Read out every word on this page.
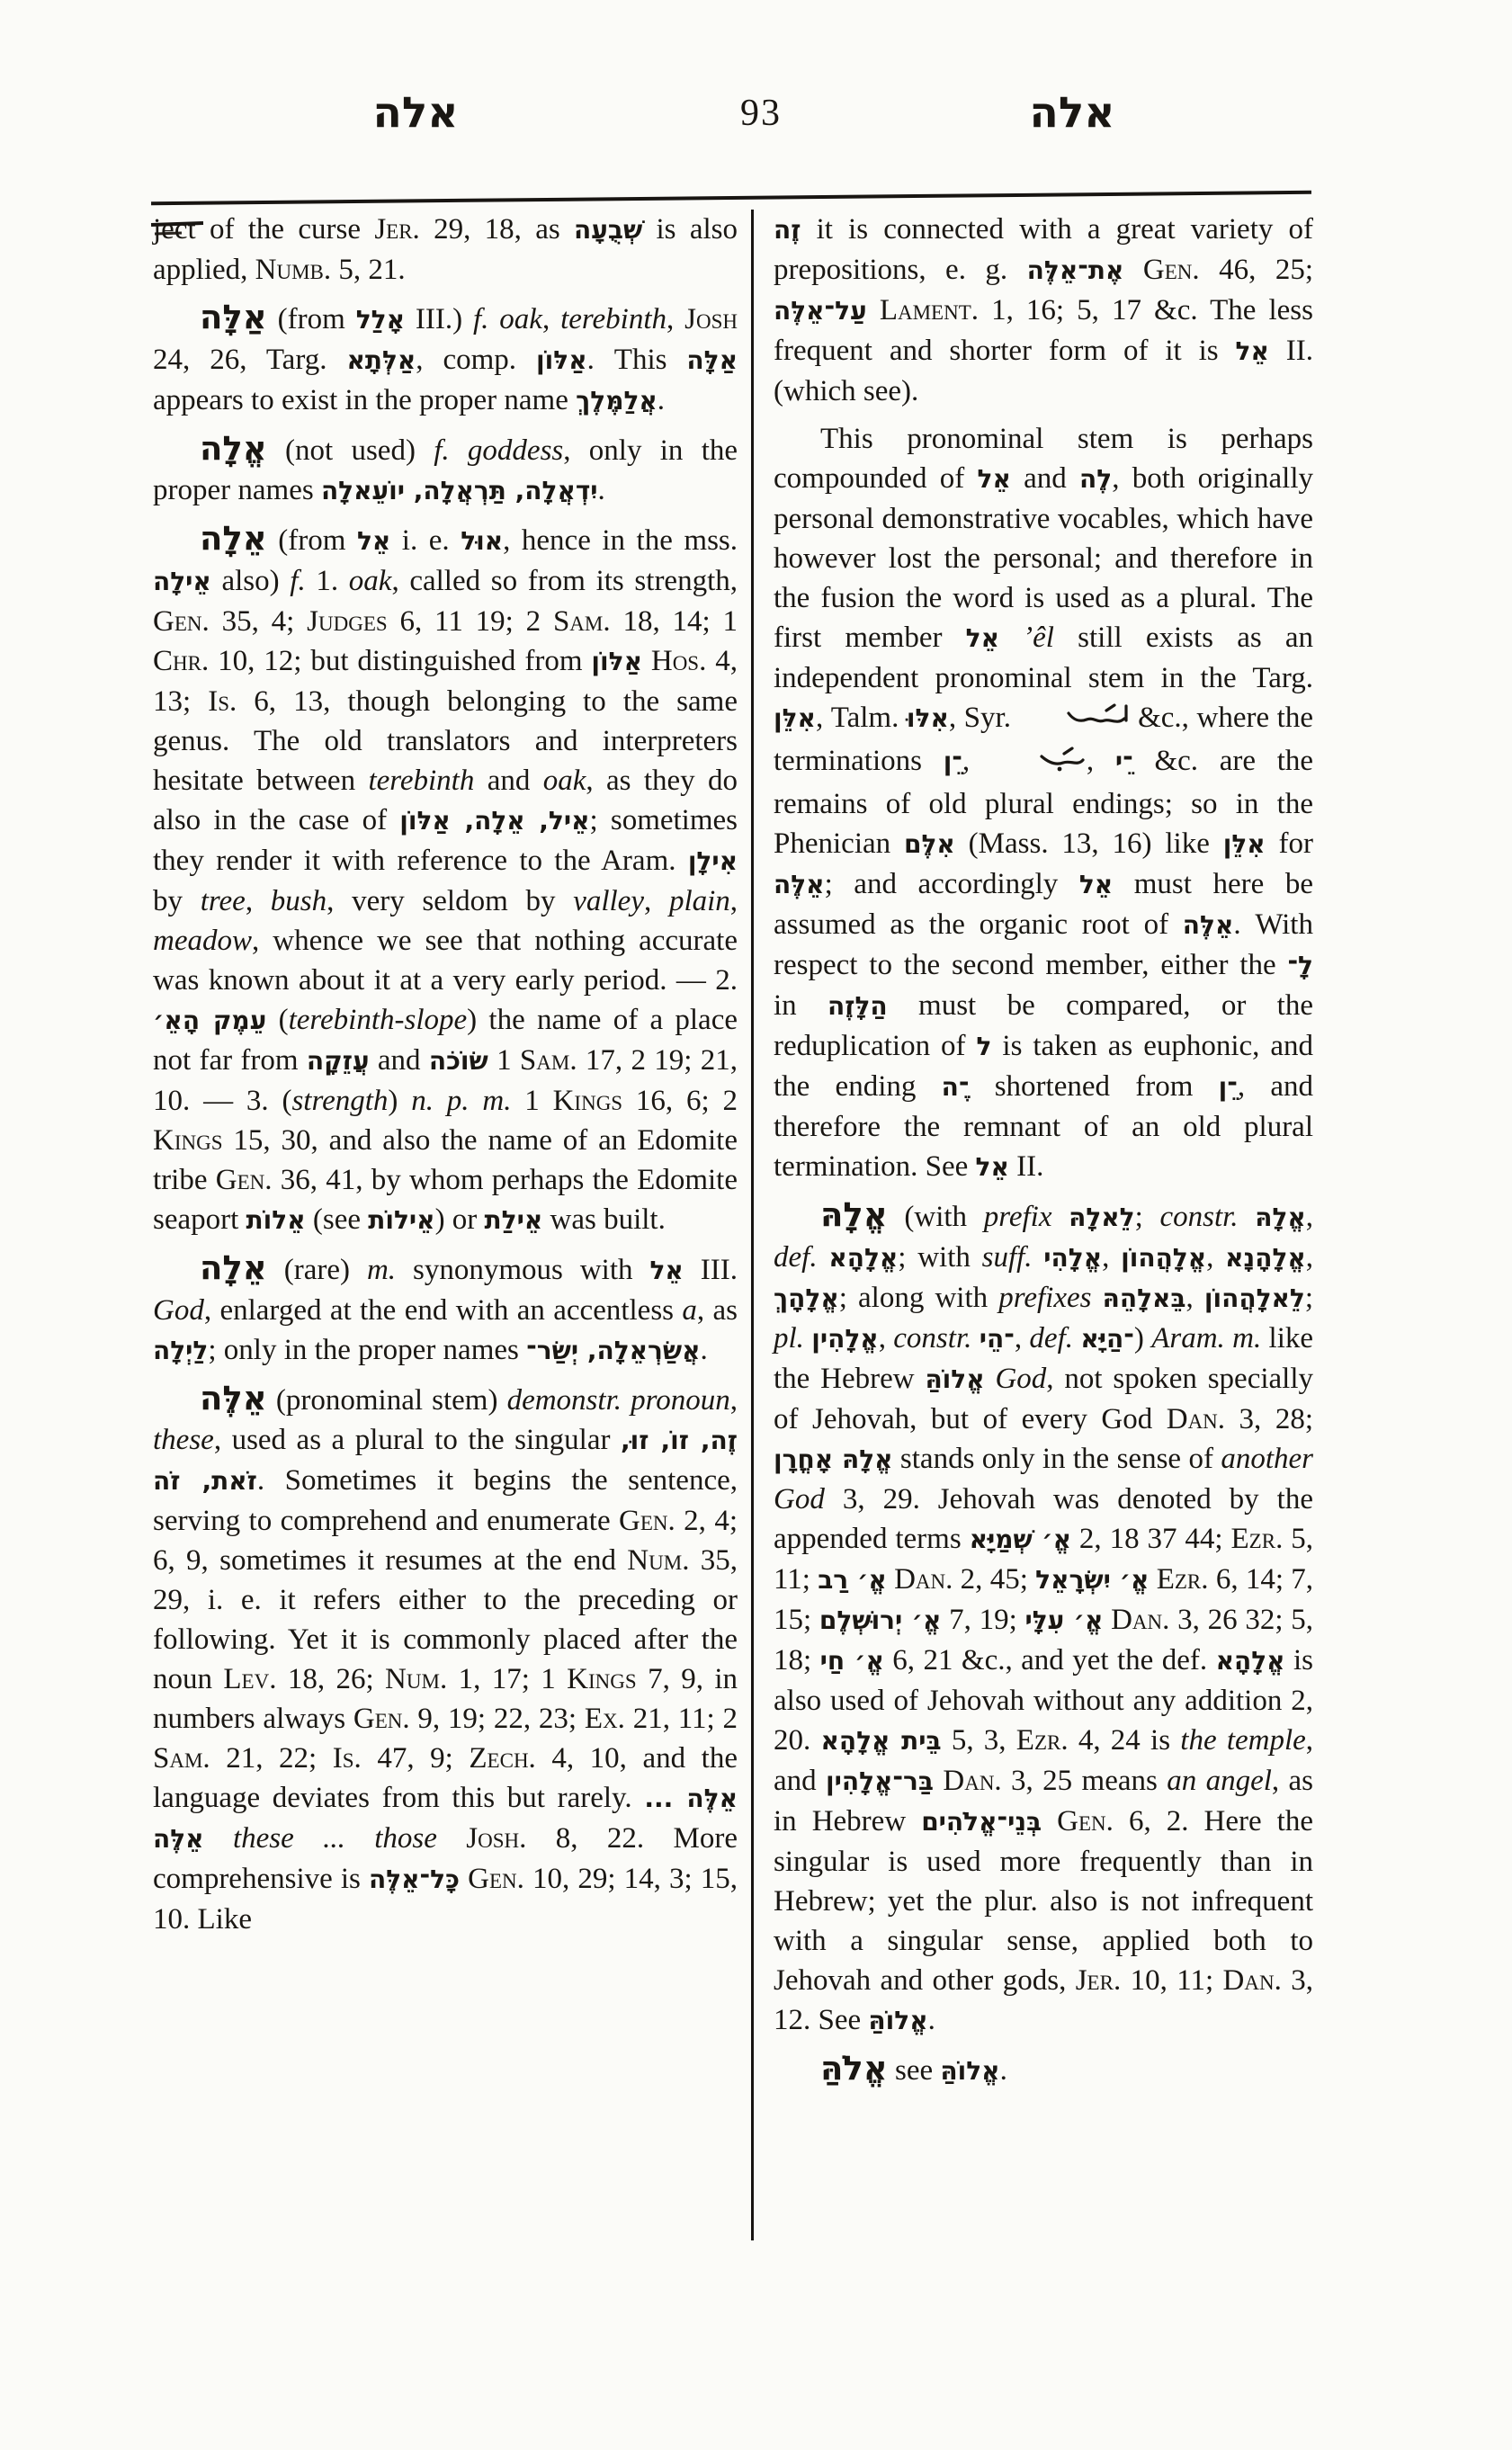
אלה	93	אלה

ject of the curse Jer. 29, 18, as שְׁבֻעָה is also applied, Numb. 5, 21.

אַלָּה (from אָלַל III.) f. oak, terebinth, Josh 24, 26, Targ. אַלְּתָא, comp. אַלּוֹן. This אַלָּה appears to exist in the proper name אֲלַמֶּלֶךְ.

אֱלָה (not used) f. goddess, only in the proper names יִדְאֲלָה, תַּרְאֲלָה, יוֹעֵאלָה.

אֵלָה (from אֵל i. e. אוּל, hence in the mss. אֵילָה also) f. 1. oak, called so from its strength, Gen. 35, 4; Judges 6, 11 19; 2 Sam. 18, 14; 1 Chr. 10, 12; but distinguished from אַלּוֹן Hos. 4, 13; Is. 6, 13, though belonging to the same genus. The old translators and interpreters hesitate between terebinth and oak, as they do also in the case of אֵיל, אֵלָה, אַלּוֹן; sometimes they render it with reference to the Aram. אִילָן by tree, bush, very seldom by valley, plain, meadow, whence we see that nothing accurate was known about it at a very early period. — 2. עֵמֶק הָאֵ׳ (terebinth-slope) the name of a place not far from עֲזֵקָה and שׂוֹכֹה 1 Sam. 17, 2 19; 21, 10. — 3. (strength) n. p. m. 1 Kings 16, 6; 2 Kings 15, 30, and also the name of an Edomite tribe Gen. 36, 41, by whom perhaps the Edomite seaport אֵלוֹת (see אֵילוֹת) or אֵילַת was built.

אֵלָה (rare) m. synonymous with אֵל III. God, enlarged at the end with an accentless a, as לַיְלָה; only in the proper names אֲשַׂרְאֵלָה, יְשַׂר־.

אֵלֶּה (pronominal stem) demonstr. pronoun, these, used as a plural to the singular זֶה, זוֹ, זוּ, זֹאת, זֹה. Sometimes it begins the sentence, serving to comprehend and enumerate Gen. 2, 4; 6, 9, sometimes it resumes at the end Num. 35, 29, i. e. it refers either to the preceding or following. Yet it is commonly placed after the noun Lev. 18, 26; Num. 1, 17; 1 Kings 7, 9, in numbers always Gen. 9, 19; 22, 23; Ex. 21, 11; 2 Sam. 21, 22; Is. 47, 9; Zech. 4, 10, and the language deviates from this but rarely. אֵלֶּה ... אֵלֶּה these ... those Josh. 8, 22. More comprehensive is כָּל־אֵלֶּה Gen. 10, 29; 14, 3; 15, 10. Like

זֶה it is connected with a great variety of prepositions, e. g. אֶת־אֵלֶּה Gen. 46, 25; עַל־אֵלֶּה Lament. 1, 16; 5, 17 &c. The less frequent and shorter form of it is אֵל II. (which see).

This pronominal stem is perhaps compounded of אֵל and לֶה, both originally personal demonstrative vocables, which have however lost the personal; and therefore in the fusion the word is used as a plural. The first member אֵל ʼêl still exists as an independent pronominal stem in the Targ. אִלֵּן, Talm. אִלּוּ, Syr.	&c., where the terminations ־ֵן,	, ־ֵי &c. are the remains of old plural endings; so in the Phenician אִלֶּם (Mass. 13, 16) like אִלֵּן for אֵלֶּה; and accordingly אֵל must here be assumed as the organic root of אֵלֶּה. With respect to the second member, either the לָ־ in הַלָּזֶה must be compared, or the reduplication of ל is taken as euphonic, and the ending ־ֶה shortened from ־ֵן, and therefore the remnant of an old plural termination. See אֵל II.

אֱלָהּ (with prefix לֵאלָהּ; constr. אֱלָהּ, def. אֱלָהָא; with suff. אֱלָהִי, אֱלָהֲהוֹן, אֱלָהָנָא, אֱלָהָךְ; along with prefixes בֵּאלָהֵהּ, לֵאלָהֲהוֹן; pl. אֱלָהִין, constr. ־הֵי, def. ־הַיָּא) Aram. m. like the Hebrew אֱלוֹהַּ God, not spoken specially of Jehovah, but of every God Dan. 3, 28; אֱלָהּ אָחֳרָן stands only in the sense of another God 3, 29. Jehovah was denoted by the appended terms אֱ׳ שְׁמַיָּא 2, 18 37 44; Ezr. 5, 11; אֱ׳ רַב Dan. 2, 45; אֱ׳ יִשְׂרָאֵל Ezr. 6, 14; 7, 15; אֱ׳ יְרוּשְׁלֶם 7, 19; אֱ׳ עִלָּי Dan. 3, 26 32; 5, 18; אֱ׳ חַי 6, 21 &c., and yet the def. אֱלָהָא is also used of Jehovah without any addition 2, 20. בֵּית אֱלָהָא 5, 3, Ezr. 4, 24 is the temple, and בַּר־אֱלָהִין Dan. 3, 25 means an angel, as in Hebrew בְּנֵי־אֱלֹהִים Gen. 6, 2. Here the singular is used more frequently than in Hebrew; yet the plur. also is not infrequent with a singular sense, applied both to Jehovah and other gods, Jer. 10, 11; Dan. 3, 12. See אֱלוֹהַּ.

אֱלֹהַּ see אֱלוֹהַּ.
